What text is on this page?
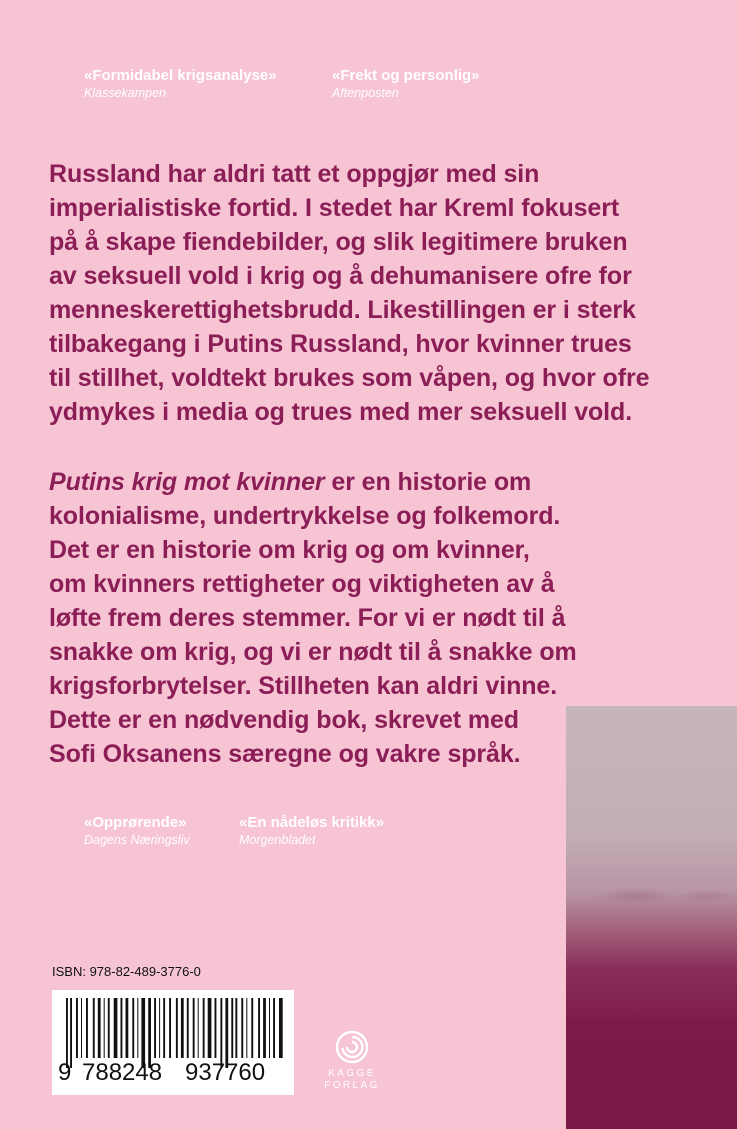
«Formidabel krigsanalyse»
Klassekampen
«Frekt og personlig»
Aftenposten
Russland har aldri tatt et oppgjør med sin
imperialistiske fortid. I stedet har Kreml fokusert
på å skape fiendebilder, og slik legitimere bruken
av seksuell vold i krig og å dehumanisere ofre for
menneskerettighetsbrudd. Likestillingen er i sterk
tilbakegang i Putins Russland, hvor kvinner trues
til stillhet, voldtekt brukes som våpen, og hvor ofre
ydmykes i media og trues med mer seksuell vold.
Putins krig mot kvinner er en historie om
kolonialisme, undertrykkelse og folkemord.
Det er en historie om krig og om kvinner,
om kvinners rettigheter og viktigheten av å
løfte frem deres stemmer. For vi er nødt til å
snakke om krig, og vi er nødt til å snakke om
krigsforbrytelser. Stillheten kan aldri vinne.
Dette er en nødvendig bok, skrevet med
Sofi Oksanens særegne og vakre språk.
«Opprørende»
Dagens Næringsliv
«En nådeløs kritikk»
Morgenbladet
ISBN: 978-82-489-3776-0
9 788248 937760	KAGGE
FORLAG
